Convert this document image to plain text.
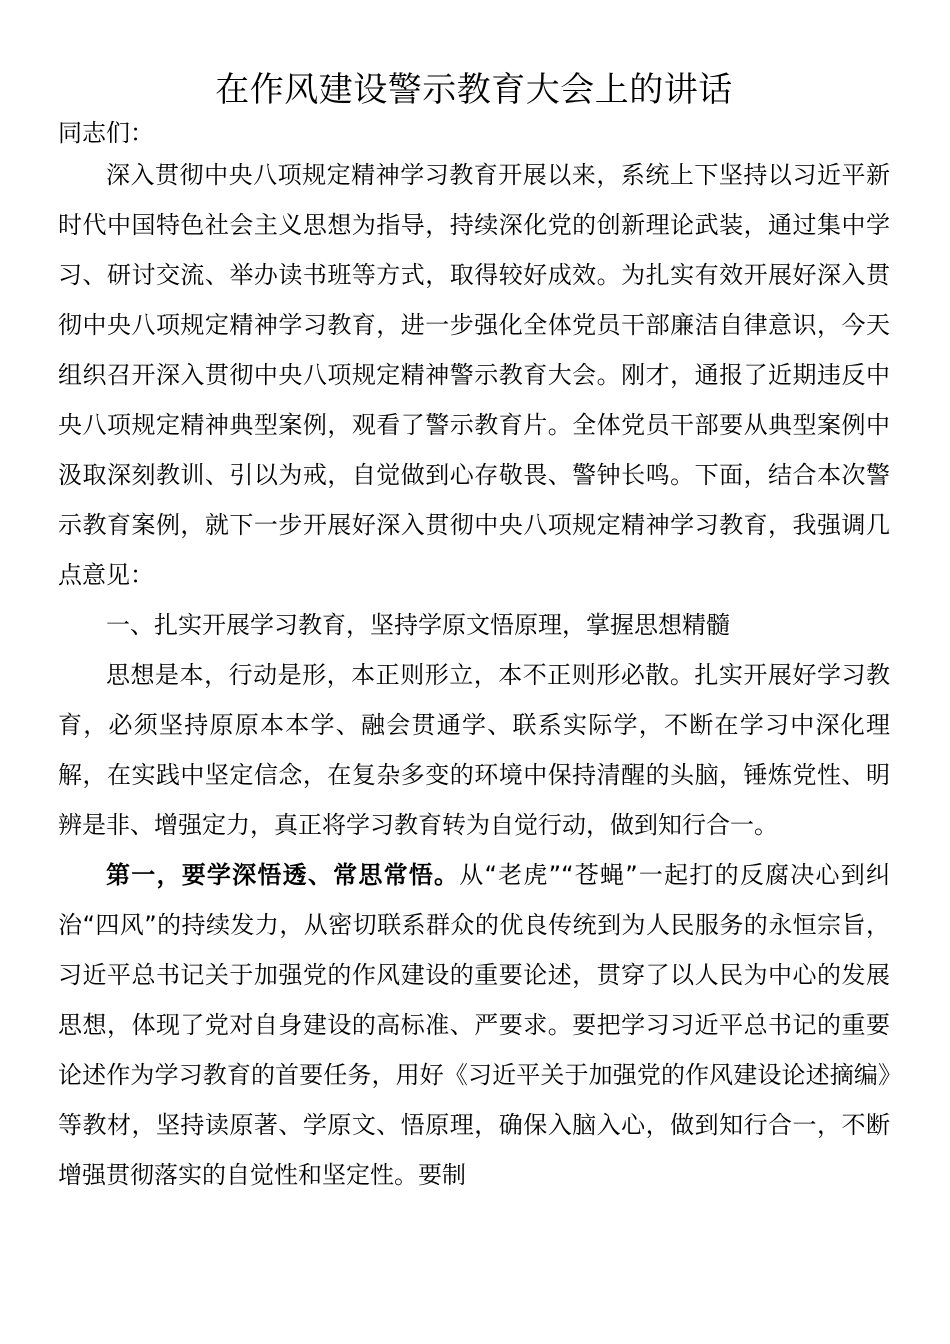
在作风建设警示教育大会上的讲话

同志们：

深入贯彻中央八项规定精神学习教育开展以来，系统上下坚持以习近平新时代中国特色社会主义思想为指导，持续深化党的创新理论武装，通过集中学习、研讨交流、举办读书班等方式，取得较好成效。为扎实有效开展好深入贯彻中央八项规定精神学习教育，进一步强化全体党员干部廉洁自律意识，今天组织召开深入贯彻中央八项规定精神警示教育大会。刚才，通报了近期违反中央八项规定精神典型案例，观看了警示教育片。全体党员干部要从典型案例中汲取深刻教训、引以为戒，自觉做到心存敬畏、警钟长鸣。下面，结合本次警示教育案例，就下一步开展好深入贯彻中央八项规定精神学习教育，我强调几点意见：

一、扎实开展学习教育，坚持学原文悟原理，掌握思想精髓

思想是本，行动是形，本正则形立，本不正则形必散。扎实开展好学习教育，必须坚持原原本本学、融会贯通学、联系实际学，不断在学习中深化理解，在实践中坚定信念，在复杂多变的环境中保持清醒的头脑，锤炼党性、明辨是非、增强定力，真正将学习教育转为自觉行动，做到知行合一。

第一，要学深悟透、常思常悟。从“老虎”“苍蝇”一起打的反腐决心到纠治“四风”的持续发力，从密切联系群众的优良传统到为人民服务的永恒宗旨，习近平总书记关于加强党的作风建设的重要论述，贯穿了以人民为中心的发展思想，体现了党对自身建设的高标准、严要求。要把学习习近平总书记的重要论述作为学习教育的首要任务，用好《习近平关于加强党的作风建设论述摘编》等教材，坚持读原著、学原文、悟原理，确保入脑入心，做到知行合一，不断增强贯彻落实的自觉性和坚定性。要制
